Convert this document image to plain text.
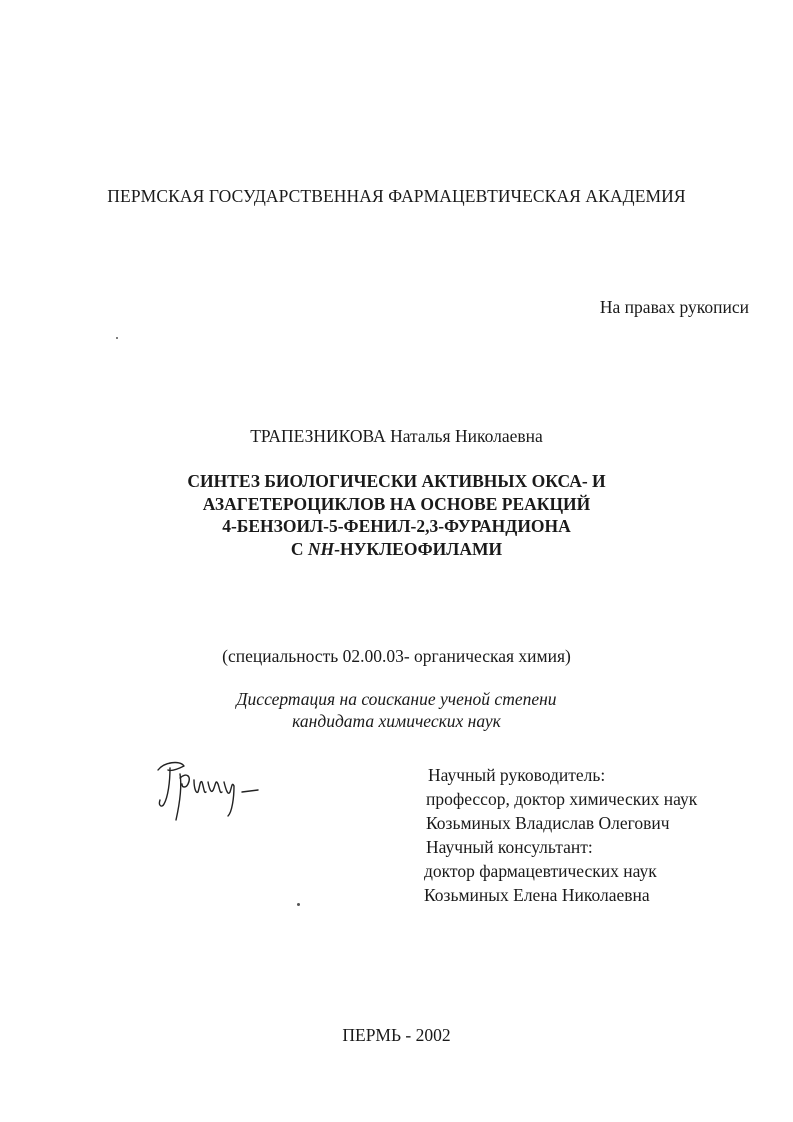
ПЕРМСКАЯ ГОСУДАРСТВЕННАЯ ФАРМАЦЕВТИЧЕСКАЯ АКАДЕМИЯ
На правах рукописи
ТРАПЕЗНИКОВА Наталья Николаевна
СИНТЕЗ БИОЛОГИЧЕСКИ АКТИВНЫХ ОКСА- И
АЗАГЕТЕРОЦИКЛОВ НА ОСНОВЕ РЕАКЦИЙ
4-БЕНЗОИЛ-5-ФЕНИЛ-2,3-ФУРАНДИОНА
С NH-НУКЛЕОФИЛАМИ
(специальность 02.00.03- органическая химия)
Диссертация на соискание ученой степени
кандидата химических наук
Научный руководитель:
профессор, доктор химических наук
Козьминых Владислав Олегович
Научный консультант:
доктор фармацевтических наук
Козьминых Елена Николаевна
ПЕРМЬ - 2002
